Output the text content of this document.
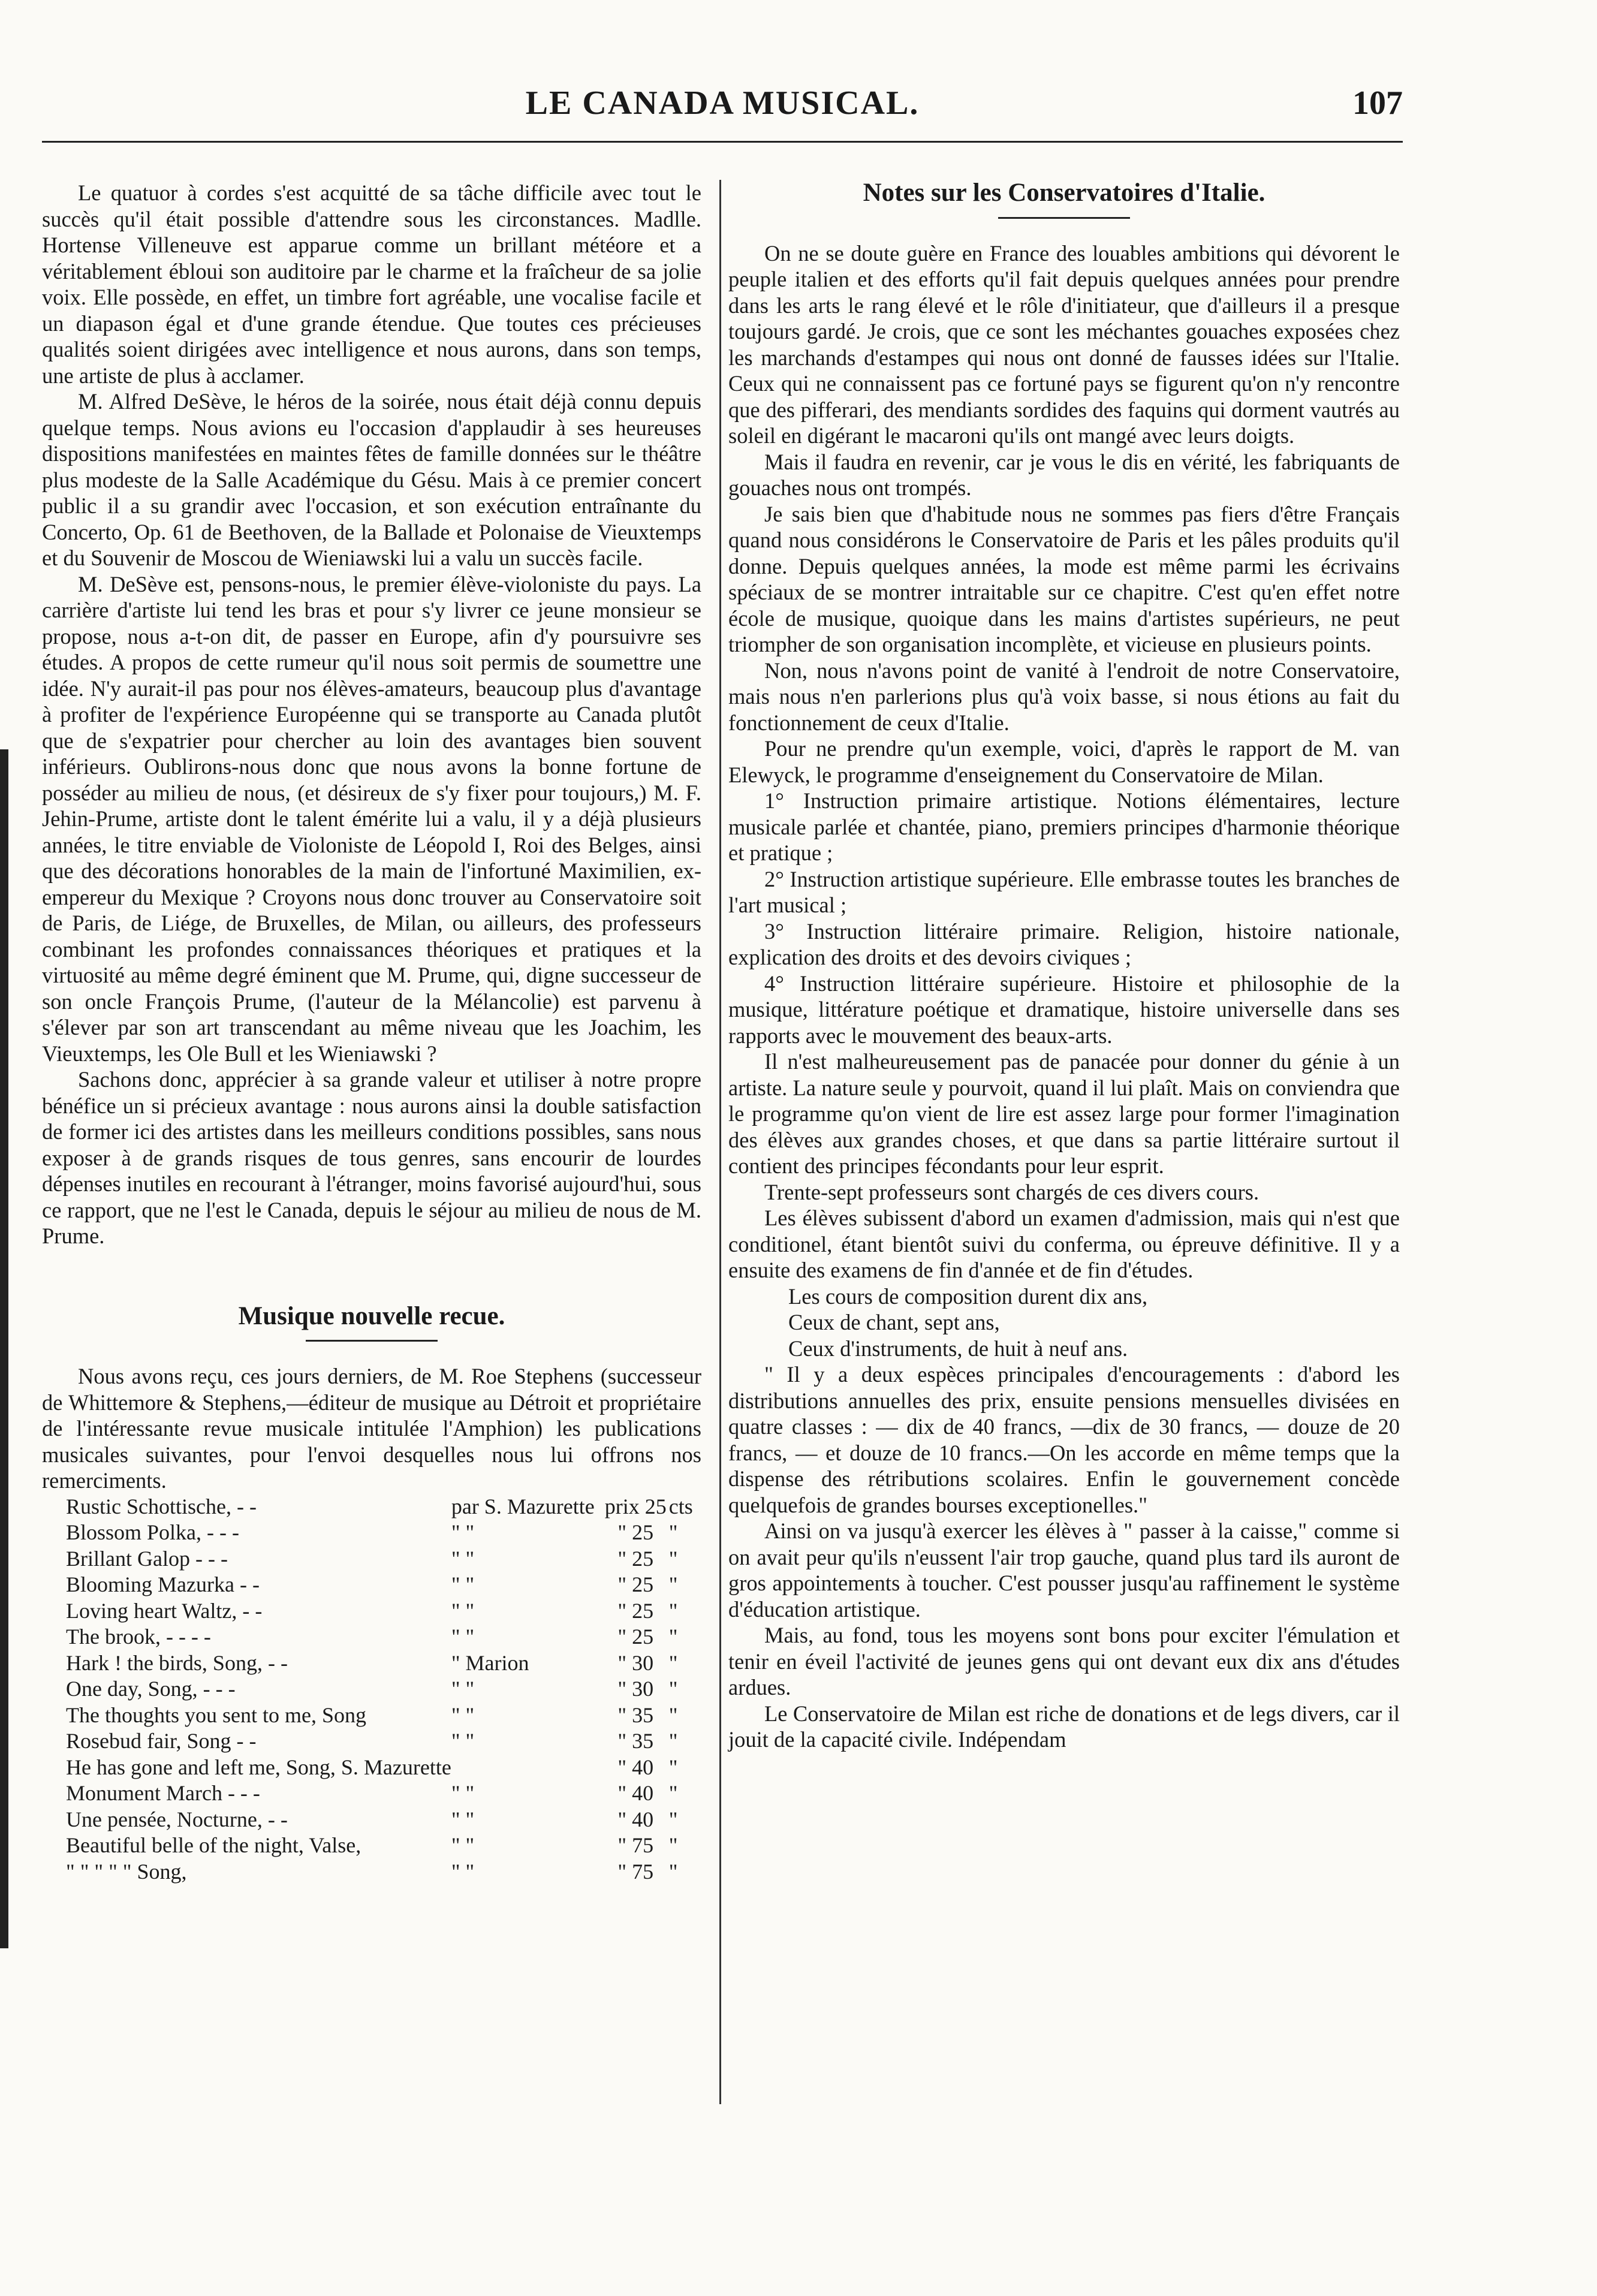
LE CANADA MUSICAL.	107

Le quatuor à cordes s'est acquitté de sa tâche difficile avec tout le succès qu'il était possible d'attendre sous les circonstances. Madlle. Hortense Villeneuve est apparue comme un brillant météore et a véritablement ébloui son auditoire par le charme et la fraîcheur de sa jolie voix. Elle possède, en effet, un timbre fort agréable, une vocalise facile et un diapason égal et d'une grande étendue. Que toutes ces précieuses qualités soient dirigées avec intelligence et nous aurons, dans son temps, une artiste de plus à acclamer.

M. Alfred DeSève, le héros de la soirée, nous était déjà connu depuis quelque temps. Nous avions eu l'occasion d'applaudir à ses heureuses dispositions manifestées en maintes fêtes de famille données sur le théâtre plus modeste de la Salle Académique du Gésu. Mais à ce premier concert public il a su grandir avec l'occasion, et son exécution entraînante du Concerto, Op. 61 de Beethoven, de la Ballade et Polonaise de Vieuxtemps et du Souvenir de Moscou de Wieniawski lui a valu un succès facile.

M. DeSève est, pensons-nous, le premier élève-violoniste du pays. La carrière d'artiste lui tend les bras et pour s'y livrer ce jeune monsieur se propose, nous a-t-on dit, de passer en Europe, afin d'y poursuivre ses études. A propos de cette rumeur qu'il nous soit permis de soumettre une idée. N'y aurait-il pas pour nos élèves-amateurs, beaucoup plus d'avantage à profiter de l'expérience Européenne qui se transporte au Canada plutôt que de s'expatrier pour chercher au loin des avantages bien souvent inférieurs. Oublirons-nous donc que nous avons la bonne fortune de posséder au milieu de nous, (et désireux de s'y fixer pour toujours,) M. F. Jehin-Prume, artiste dont le talent émérite lui a valu, il y a déjà plusieurs années, le titre enviable de Violoniste de Léopold I, Roi des Belges, ainsi que des décorations honorables de la main de l'infortuné Maximilien, ex-empereur du Mexique ? Croyons nous donc trouver au Conservatoire soit de Paris, de Liége, de Bruxelles, de Milan, ou ailleurs, des professeurs combinant les profondes connaissances théoriques et pratiques et la virtuosité au même degré éminent que M. Prume, qui, digne successeur de son oncle François Prume, (l'auteur de la Mélancolie) est parvenu à s'élever par son art transcendant au même niveau que les Joachim, les Vieuxtemps, les Ole Bull et les Wieniawski ?

Sachons donc, apprécier à sa grande valeur et utiliser à notre propre bénéfice un si précieux avantage : nous aurons ainsi la double satisfaction de former ici des artistes dans les meilleurs conditions possibles, sans nous exposer à de grands risques de tous genres, sans encourir de lourdes dépenses inutiles en recourant à l'étranger, moins favorisé aujourd'hui, sous ce rapport, que ne l'est le Canada, depuis le séjour au milieu de nous de M. Prume.

Musique nouvelle recue.

Nous avons reçu, ces jours derniers, de M. Roe Stephens (successeur de Whittemore & Stephens,—éditeur de musique au Détroit et propriétaire de l'intéressante revue musicale intitulée l'Amphion) les publications musicales suivantes, pour l'envoi desquelles nous lui offrons nos remerciments.

Rustic Schottische, - -	par S. Mazurette	prix 25	cts
Blossom Polka, - - -	" "	" 25	"
Brillant Galop - - -	" "	" 25	"
Blooming Mazurka - -	" "	" 25	"
Loving heart Waltz, - -	" "	" 25	"
The brook, - - - -	" "	" 25	"
Hark ! the birds, Song, - -	" Marion	" 30	"
One day, Song, - - -	" "	" 30	"
The thoughts you sent to me, Song	" "	" 35	"
Rosebud fair, Song - -	" "	" 35	"
He has gone and left me, Song, S. Mazurette		" 40	"
Monument March - - -	" "	" 40	"
Une pensée, Nocturne, - -	" "	" 40	"
Beautiful belle of the night, Valse,	" "	" 75	"
" " " " " Song,	" "	" 75	"
Notes sur les Conservatoires d'Italie.

On ne se doute guère en France des louables ambitions qui dévorent le peuple italien et des efforts qu'il fait depuis quelques années pour prendre dans les arts le rang élevé et le rôle d'initiateur, que d'ailleurs il a presque toujours gardé. Je crois, que ce sont les méchantes gouaches exposées chez les marchands d'estampes qui nous ont donné de fausses idées sur l'Italie. Ceux qui ne connaissent pas ce fortuné pays se figurent qu'on n'y rencontre que des pifferari, des mendiants sordides des faquins qui dorment vautrés au soleil en digérant le macaroni qu'ils ont mangé avec leurs doigts.

Mais il faudra en revenir, car je vous le dis en vérité, les fabriquants de gouaches nous ont trompés.

Je sais bien que d'habitude nous ne sommes pas fiers d'être Français quand nous considérons le Conservatoire de Paris et les pâles produits qu'il donne. Depuis quelques années, la mode est même parmi les écrivains spéciaux de se montrer intraitable sur ce chapitre. C'est qu'en effet notre école de musique, quoique dans les mains d'artistes supérieurs, ne peut triompher de son organisation incomplète, et vicieuse en plusieurs points.

Non, nous n'avons point de vanité à l'endroit de notre Conservatoire, mais nous n'en parlerions plus qu'à voix basse, si nous étions au fait du fonctionnement de ceux d'Italie.

Pour ne prendre qu'un exemple, voici, d'après le rapport de M. van Elewyck, le programme d'enseignement du Conservatoire de Milan.

1° Instruction primaire artistique. Notions élémentaires, lecture musicale parlée et chantée, piano, premiers principes d'harmonie théorique et pratique ;

2° Instruction artistique supérieure. Elle embrasse toutes les branches de l'art musical ;

3° Instruction littéraire primaire. Religion, histoire nationale, explication des droits et des devoirs civiques ;

4° Instruction littéraire supérieure. Histoire et philosophie de la musique, littérature poétique et dramatique, histoire universelle dans ses rapports avec le mouvement des beaux-arts.

Il n'est malheureusement pas de panacée pour donner du génie à un artiste. La nature seule y pourvoit, quand il lui plaît. Mais on conviendra que le programme qu'on vient de lire est assez large pour former l'imagination des élèves aux grandes choses, et que dans sa partie littéraire surtout il contient des principes fécondants pour leur esprit.

Trente-sept professeurs sont chargés de ces divers cours.

Les élèves subissent d'abord un examen d'admission, mais qui n'est que conditionel, étant bientôt suivi du conferma, ou épreuve définitive. Il y a ensuite des examens de fin d'année et de fin d'études.

Les cours de composition durent dix ans,

Ceux de chant, sept ans,

Ceux d'instruments, de huit à neuf ans.

" Il y a deux espèces principales d'encouragements : d'abord les distributions annuelles des prix, ensuite pensions mensuelles divisées en quatre classes : — dix de 40 francs, —dix de 30 francs, — douze de 20 francs, — et douze de 10 francs.—On les accorde en même temps que la dispense des rétributions scolaires. Enfin le gouvernement concède quelquefois de grandes bourses exceptionelles."

Ainsi on va jusqu'à exercer les élèves à " passer à la caisse," comme si on avait peur qu'ils n'eussent l'air trop gauche, quand plus tard ils auront de gros appointements à toucher. C'est pousser jusqu'au raffinement le système d'éducation artistique.

Mais, au fond, tous les moyens sont bons pour exciter l'émulation et tenir en éveil l'activité de jeunes gens qui ont devant eux dix ans d'études ardues.

Le Conservatoire de Milan est riche de donations et de legs divers, car il jouit de la capacité civile. Indépendam
